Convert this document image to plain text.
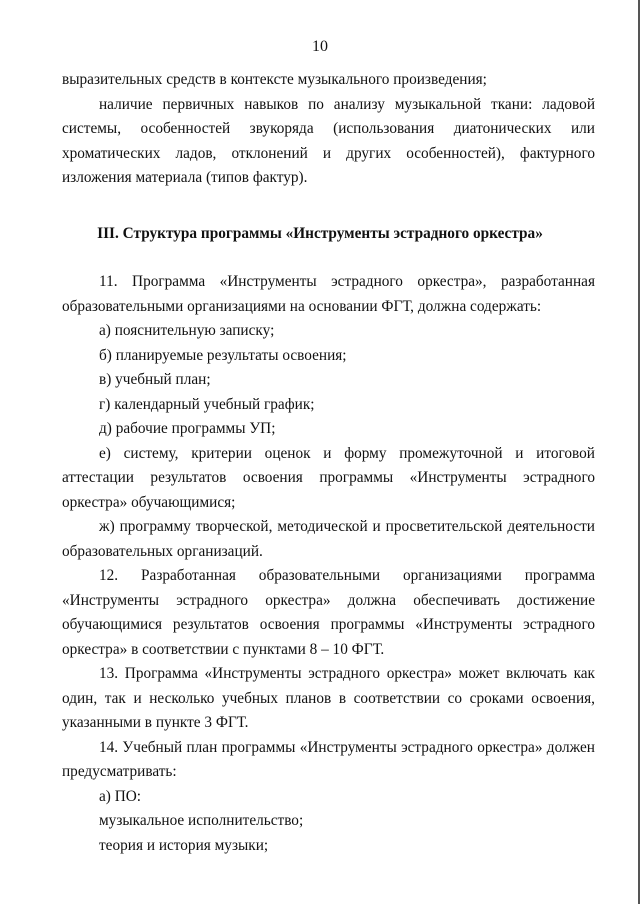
10

выразительных средств в контексте музыкального произведения;

наличие первичных навыков по анализу музыкальной ткани: ладовой системы, особенностей звукоряда (использования диатонических или хроматических ладов, отклонений и других особенностей), фактурного изложения материала (типов фактур).

III. Структура программы «Инструменты эстрадного оркестра»

11. Программа «Инструменты эстрадного оркестра», разработанная образовательными организациями на основании ФГТ, должна содержать:

а) пояснительную записку;

б) планируемые результаты освоения;

в) учебный план;

г) календарный учебный график;

д) рабочие программы УП;

е) систему, критерии оценок и форму промежуточной и итоговой аттестации результатов освоения программы «Инструменты эстрадного оркестра» обучающимися;

ж) программу творческой, методической и просветительской деятельности образовательных организаций.

12. Разработанная образовательными организациями программа «Инструменты эстрадного оркестра» должна обеспечивать достижение обучающимися результатов освоения программы «Инструменты эстрадного оркестра» в соответствии с пунктами 8 – 10 ФГТ.

13. Программа «Инструменты эстрадного оркестра» может включать как один, так и несколько учебных планов в соответствии со сроками освоения, указанными в пункте 3 ФГТ.

14. Учебный план программы «Инструменты эстрадного оркестра» должен предусматривать:

а) ПО:

музыкальное исполнительство;

теория и история музыки;
